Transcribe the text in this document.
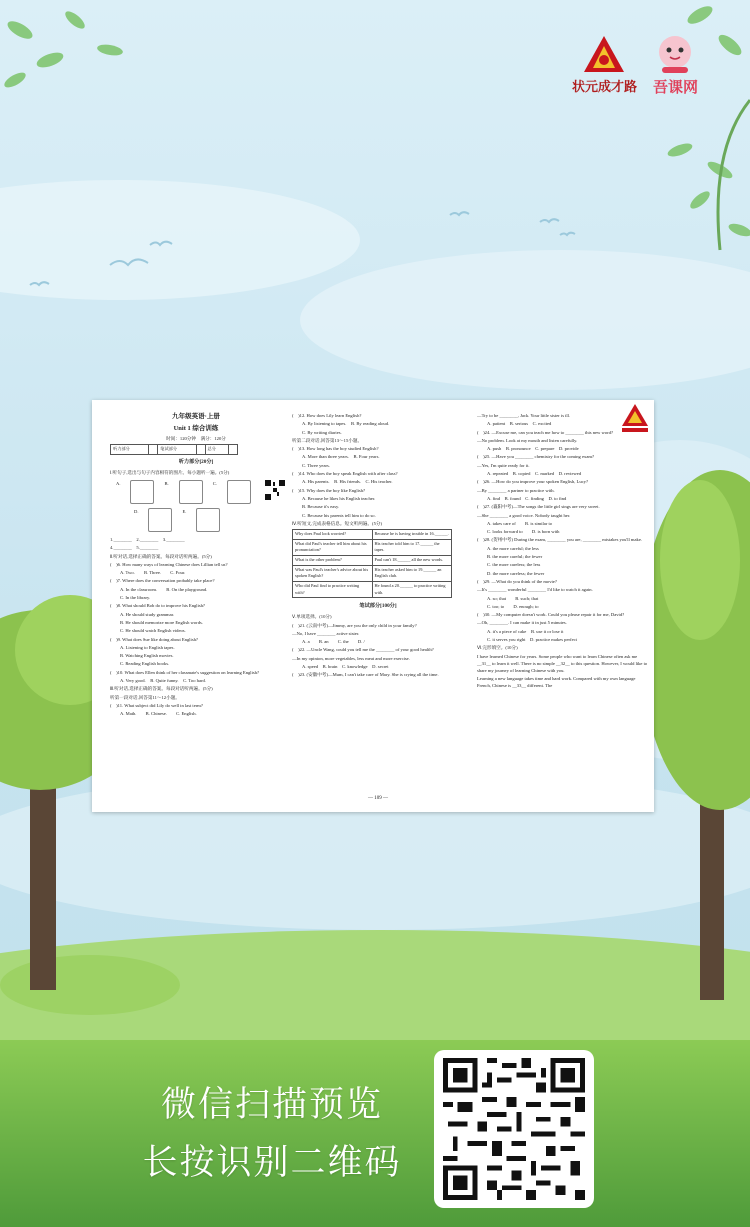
状元成才路 吾课网

九年级英语·上册

Unit 1 综合训练

时间：120分钟　满分：120分

听力部分		笔试部分		总分	

听力部分[20分]

Ⅰ.听句子,选出与句子内容相符的图片。每小题听一遍。(5分)

A.	B.	C.
D.	E.

1.________　2.________　3.________

4.________　5.________

Ⅱ.听对话,选择正确的答案。每段对话听两遍。(5分)

(　)6. How many ways of learning Chinese does Lillian tell us?

A. Two.　　B. Three.　　C. Four.

(　)7. Where does the conversation probably take place?

A. In the classroom.　　B. On the playground.

C. In the library.

(　)8. What should Bob do to improve his English?

A. He should study grammar.

B. He should memorize more English words.

C. He should watch English videos.

(　)9. What does Sue like doing about English?

A. Listening to English tapes.

B. Watching English movies.

C. Reading English books.

(　)10. What does Ellen think of her classmate's suggestion on learning English?

A. Very good.　B. Quite funny.　C. Too hard.

Ⅲ.听对话,选择正确的答案。每段对话听两遍。(5分)

听第一段对话,回答第11～12小题。

(　)11. What subject did Lily do well in last term?

A. Math.　　B. Chinese.　　C. English.

(　)12. How does Lily learn English?

A. By listening to tapes.　B. By reading aloud.

C. By writing diaries.

听第二段对话,回答第13～15小题。

(　)13. How long has the boy studied English?

A. More than three years.　B. Four years.

C. Three years.

(　)14. Who does the boy speak English with after class?

A. His parents.　B. His friends.　C. His teacher.

(　)15. Why does the boy like English?

A. Because he likes his English teacher.

B. Because it's easy.

C. Because his parents tell him to do so.

Ⅳ.听短文,完成表格信息。短文听两遍。(5分)

Why does Paul look worried?	Because he is having trouble in 16.______.
What did Paul's teacher tell him about his pronunciation?	His teacher told him to 17.______ the tapes.
What is the other problem?	Paul can't 18.______ all the new words.
What was Paul's teacher's advice about his spoken English?	His teacher asked him to 19.______ an English club.
Who did Paul find to practice writing with?	He found a 20.______ to practice writing with.

笔试部分[100分]

Ⅴ.单项选择。(10分)

(　)21. (云南中考)—Jimmy, are you the only child in your family?

—No, I have ________ active sister.

A. a　　B. an　　C. the　　D. /

(　)22. —Uncle Wang, could you tell me the ________ of your good health?

—In my opinion, more vegetables, less meat and more exercise.

A. speed　B. brain　C. knowledge　D. secret

(　)23. (安徽中考)—Mum, I can't take care of Mary. She is crying all the time.

—Try to be ________, Jack. Your little sister is ill.

A. patient　B. serious　C. excited

(　)24. —Excuse me, can you teach me how to ________ this new word?

—No problem. Look at my mouth and listen carefully.

A. push　B. pronounce　C. prepare　D. provide

(　)25. —Have you ________ chemistry for the coming exam?

—Yes, I'm quite ready for it.

A. repeated　B. copied　C. marked　D. reviewed

(　)26. —How do you improve your spoken English, Lucy?

—By ________ a partner to practice with.

A. find　B. found　C. finding　D. to find

(　)27. (襄阳中考)—The songs the little girl sings are very sweet.

—She ________ a good voice. Nobody taught her.

A. takes care of　　B. is similar to

C. looks forward to　　D. is born with

(　)28. (贺州中考) During the exam, ________ you are, ________ mistakes you'll make.

A. the more careful; the less

B. the more careful; the fewer

C. the more careless; the less

D. the more careless; the fewer

(　)29. —What do you think of the movie?

—It's ________ wonderful ________ I'd like to watch it again.

A. so; that　　B. such; that

C. too; to　　D. enough; to

(　)30. —My computer doesn't work. Could you please repair it for me, David?

—Oh, ________. I can make it in just 5 minutes.

A. it's a piece of cake　B. use it or lose it

C. it serves you right　D. practice makes perfect

Ⅵ.完形填空。(10分)

I have learned Chinese for years. Some people who want to learn Chinese often ask me __31__ to learn it well. There is no simple __32__ to this question. However, I would like to share my journey of learning Chinese with you.

Learning a new language takes time and hard work. Compared with my own language French, Chinese is __33__ different. The

— 109 —
微信扫描预览
长按识别二维码
